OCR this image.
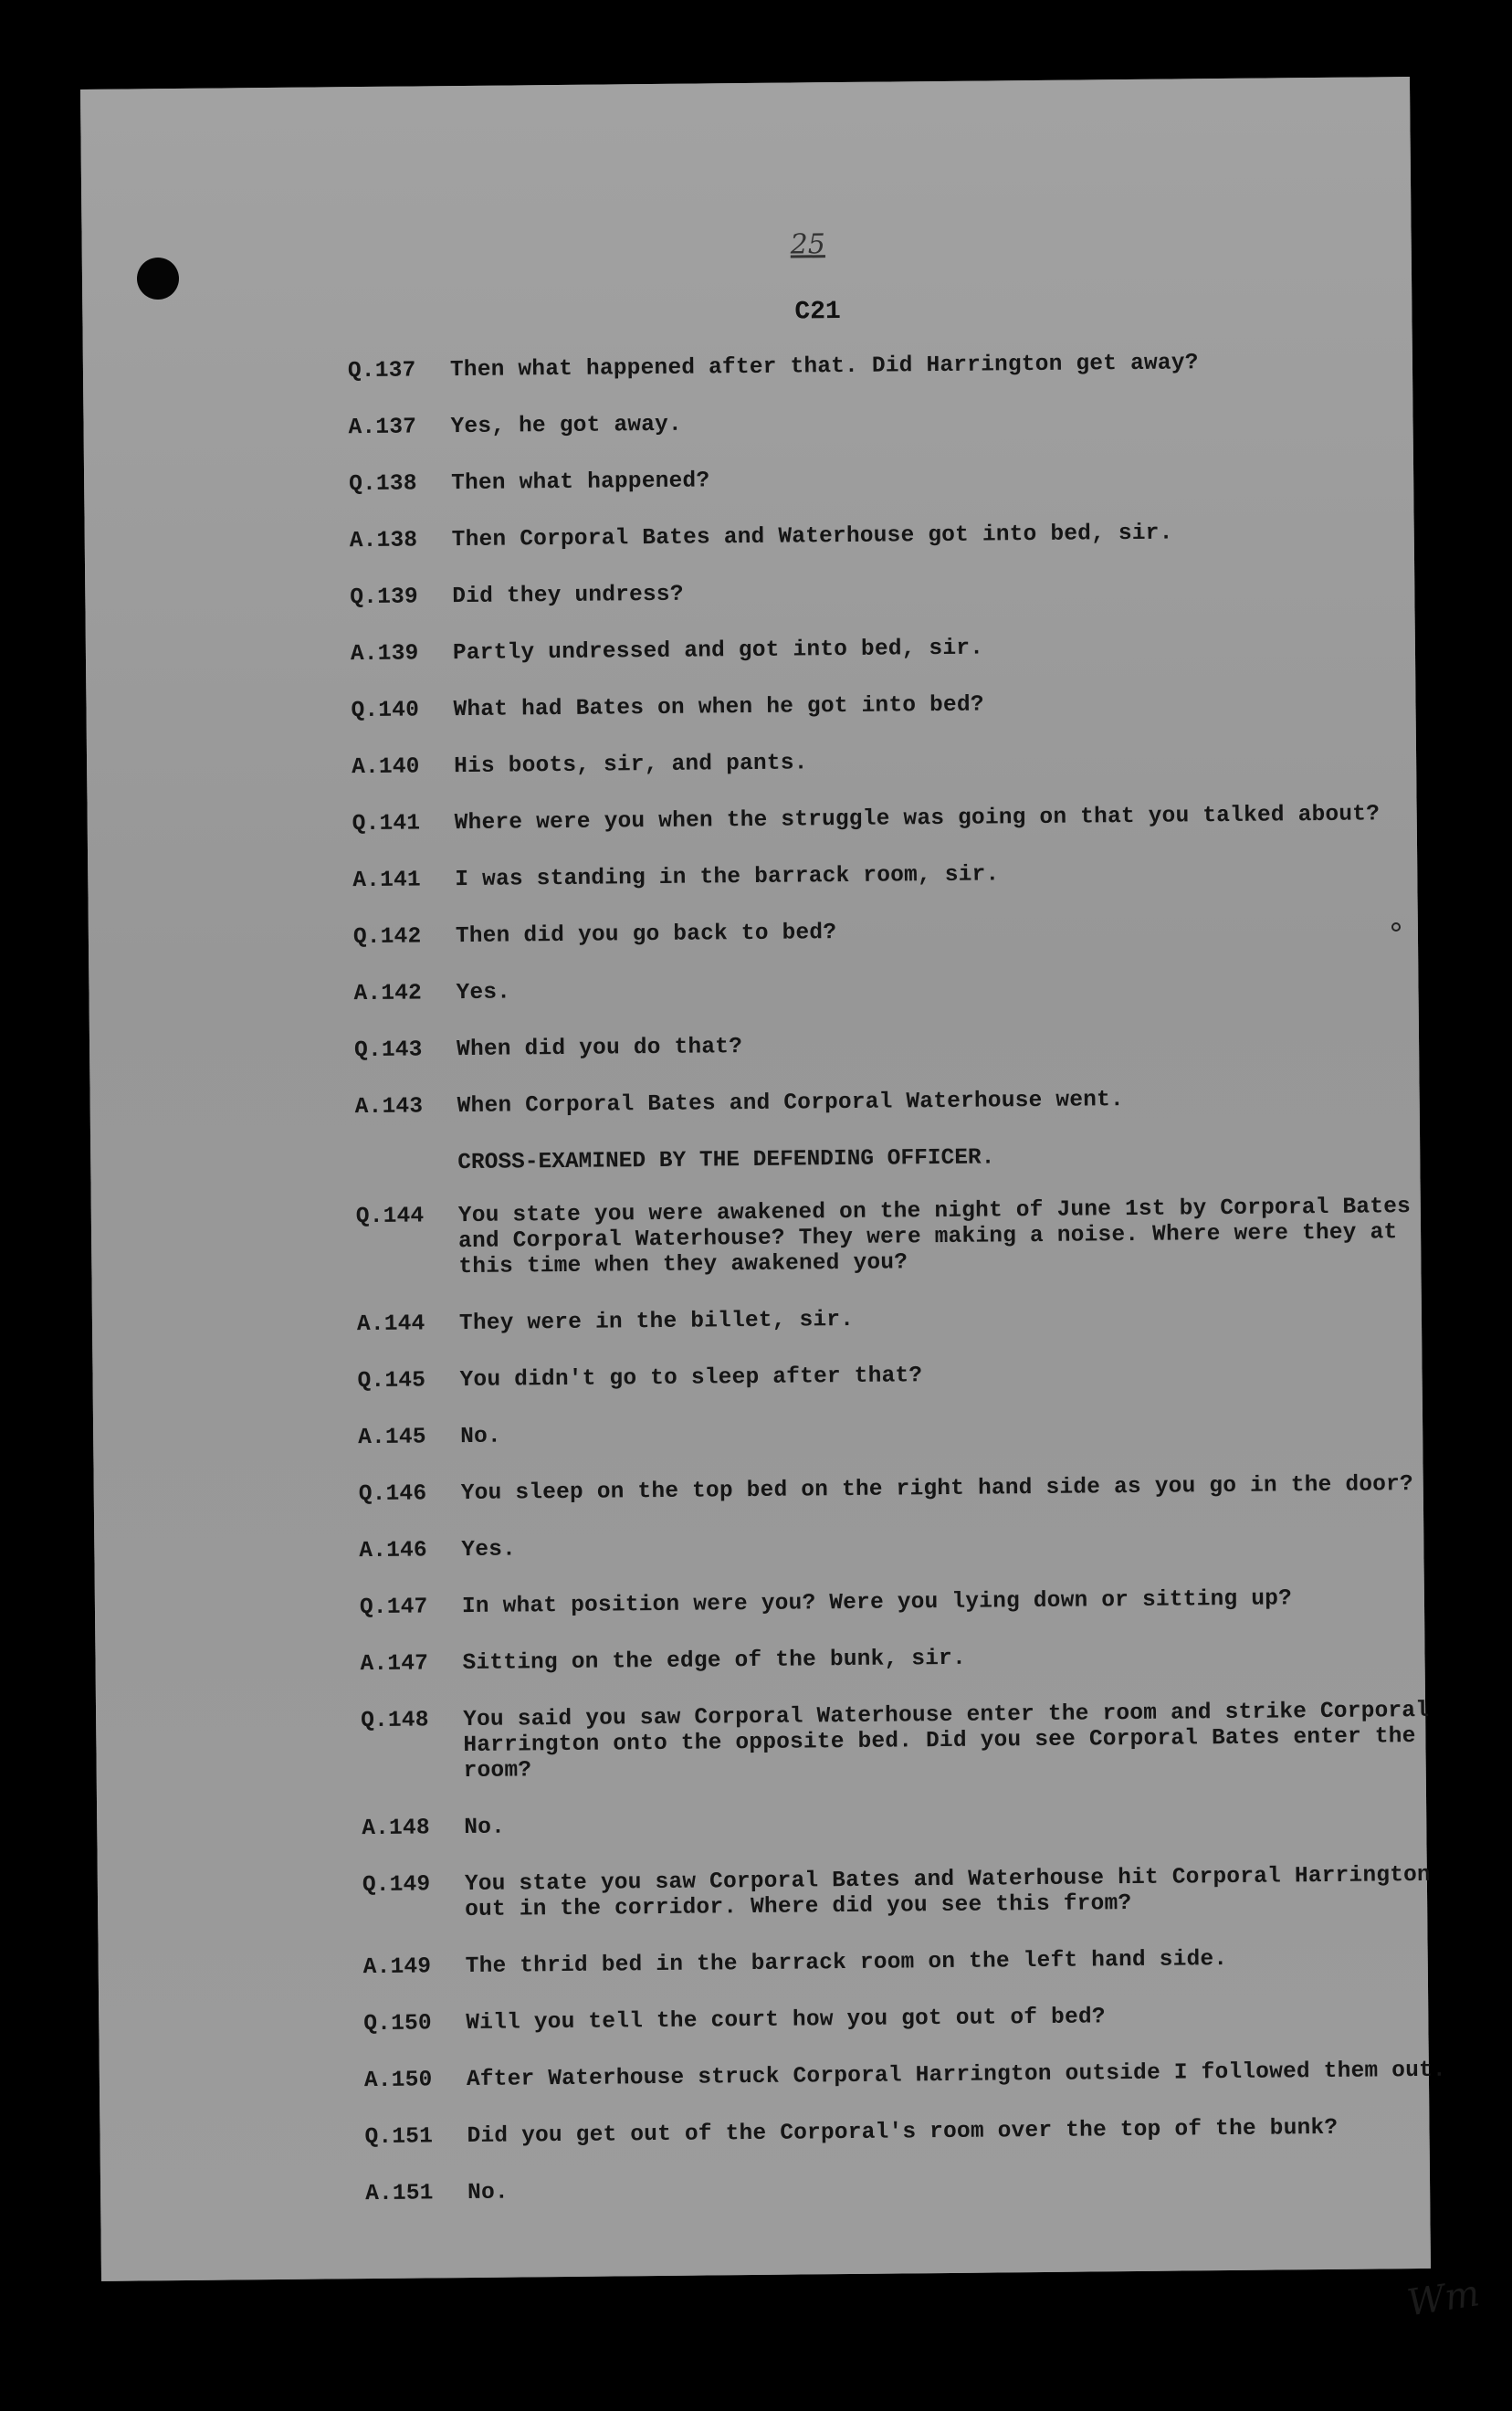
25
C21
Q.137	Then what happened after that. Did Harrington get away?
A.137	Yes, he got away.
Q.138	Then what happened?
A.138	Then Corporal Bates and Waterhouse got into bed, sir.
Q.139	Did they undress?
A.139	Partly undressed and got into bed, sir.
Q.140	What had Bates on when he got into bed?
A.140	His boots, sir, and pants.
Q.141	Where were you when the struggle was going on that you talked about?
A.141	I was standing in the barrack room, sir.
Q.142	Then did you go back to bed?
A.142	Yes.
Q.143	When did you do that?
A.143	When Corporal Bates and Corporal Waterhouse went.
CROSS-EXAMINED BY THE DEFENDING OFFICER.
Q.144	You state you were awakened on the night of June 1st by Corporal Bates and Corporal Waterhouse? They were making a noise. Where were they at this time when they awakened you?
A.144	They were in the billet, sir.
Q.145	You didn't go to sleep after that?
A.145	No.
Q.146	You sleep on the top bed on the right hand side as you go in the door?
A.146	Yes.
Q.147	In what position were you? Were you lying down or sitting up?
A.147	Sitting on the edge of the bunk, sir.
Q.148	You said you saw Corporal Waterhouse enter the room and strike Corporal Harrington onto the opposite bed. Did you see Corporal Bates enter the room?
A.148	No.
Q.149	You state you saw Corporal Bates and Waterhouse hit Corporal Harrington out in the corridor. Where did you see this from?
A.149	The thrid bed in the barrack room on the left hand side.
Q.150	Will you tell the court how you got out of bed?
A.150	After Waterhouse struck Corporal Harrington outside I followed them out.
Q.151	Did you get out of the Corporal's room over the top of the bunk?
A.151	No.
Wm
